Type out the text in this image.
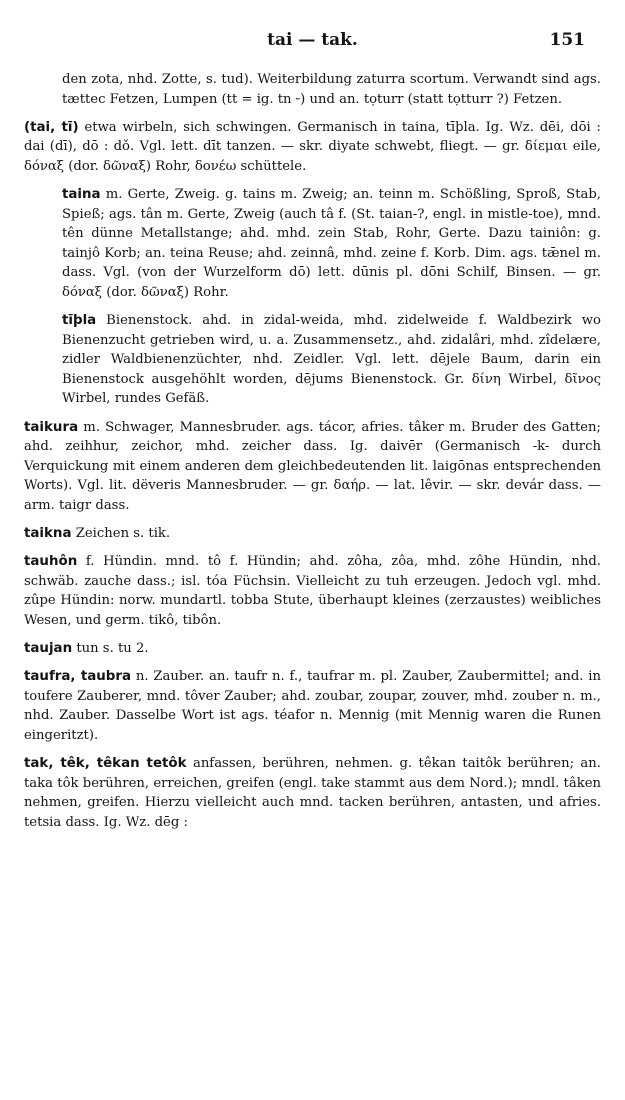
tai — tak.	151

den zota, nhd. Zotte, s. tud). Weiterbildung zaturra scortum. Verwandt sind ags. tættec Fetzen, Lumpen (tt = ig. tn ⏑) und an. tọturr (statt tọtturr ?) Fetzen.

(tai, tī) etwa wirbeln, sich schwingen. Germanisch in taina, tīþla. Ig. Wz. dēi, dōi : dai (dī), dō : dǒ. Vgl. lett. dīt tanzen. — skr. diyate schwebt, fliegt. — gr. δίεμαι eile, δόναξ (dor. δῶναξ) Rohr, δονέω schüttele.

taina m. Gerte, Zweig. g. tains m. Zweig; an. teinn m. Schößling, Sproß, Stab, Spieß; ags. tân m. Gerte, Zweig (auch tâ f. (St. taian-?, engl. in mistle-toe), mnd. tên dünne Metallstange; ahd. mhd. zein Stab, Rohr, Gerte. Dazu tainiôn: g. tainjô Korb; an. teina Reuse; ahd. zeinnâ, mhd. zeine f. Korb. Dim. ags. tǣnel m. dass. Vgl. (von der Wurzelform dō) lett. dūnis pl. dōni Schilf, Binsen. — gr. δόναξ (dor. δῶναξ) Rohr.

tīþla Bienenstock. ahd. in zidal-weida, mhd. zidelweide f. Waldbezirk wo Bienenzucht getrieben wird, u. a. Zusammensetz., ahd. zidalâri, mhd. zîdelære, zidler Waldbienenzüchter, nhd. Zeidler. Vgl. lett. dējele Baum, darin ein Bienenstock ausgehöhlt worden, dējums Bienenstock. Gr. δίνη Wirbel, δῖνος Wirbel, rundes Gefäß.

taikura m. Schwager, Mannesbruder. ags. tácor, afries. tâker m. Bruder des Gatten; ahd. zeihhur, zeichor, mhd. zeicher dass. Ig. daivēr (Germanisch -k- durch Verquickung mit einem anderen dem gleichbedeutenden lit. laigōnas entsprechenden Worts). Vgl. lit. dëveris Mannesbruder. — gr. δαήρ. — lat. lêvir. — skr. devár dass. — arm. taigr dass.

taikna Zeichen s. tik.

tauhôn f. Hündin. mnd. tô f. Hündin; ahd. zôha, zôa, mhd. zôhe Hündin, nhd. schwäb. zauche dass.; isl. tóa Füchsin. Vielleicht zu tuh erzeugen. Jedoch vgl. mhd. zûpe Hündin: norw. mundartl. tobba Stute, überhaupt kleines (zerzaustes) weibliches Wesen, und germ. tikô, tibôn.

taujan tun s. tu 2.

taufra, taubra n. Zauber. an. taufr n. f., taufrar m. pl. Zauber, Zaubermittel; and. in toufere Zauberer, mnd. tôver Zauber; ahd. zoubar, zoupar, zouver, mhd. zouber n. m., nhd. Zauber. Dasselbe Wort ist ags. téafor n. Mennig (mit Mennig waren die Runen eingeritzt).

tak, têk, têkan tetôk anfassen, berühren, nehmen. g. têkan taitôk berühren; an. taka tôk berühren, erreichen, greifen (engl. take stammt aus dem Nord.); mndl. tâken nehmen, greifen. Hierzu vielleicht auch mnd. tacken berühren, antasten, und afries. tetsia dass. Ig. Wz. dēg :
